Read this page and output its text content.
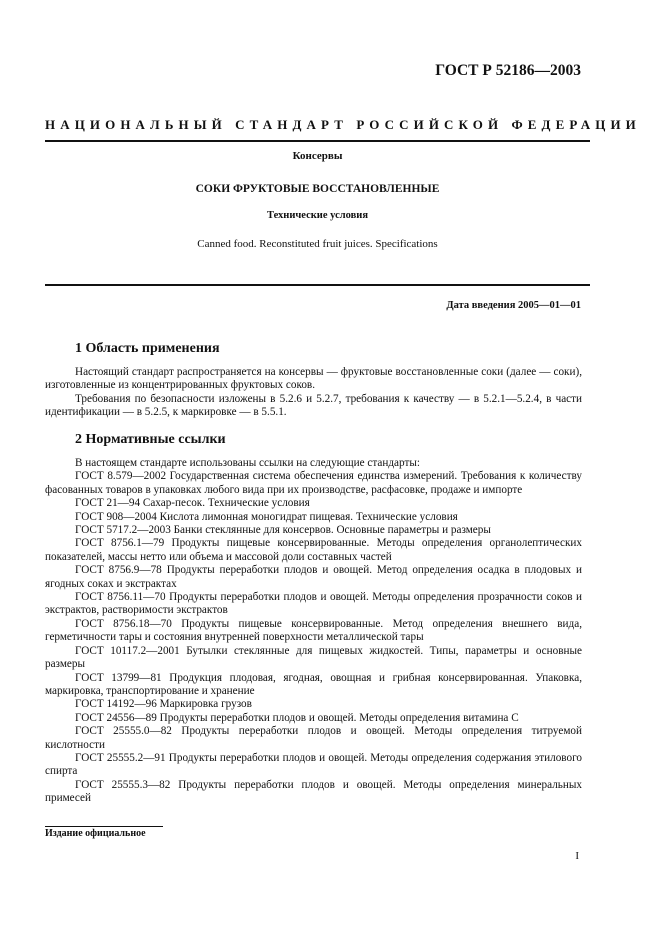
ГОСТ Р 52186—2003
НАЦИОНАЛЬНЫЙ СТАНДАРТ РОССИЙСКОЙ ФЕДЕРАЦИИ
Консервы
СОКИ ФРУКТОВЫЕ ВОССТАНОВЛЕННЫЕ
Технические условия
Canned food. Reconstituted fruit juices. Specifications
Дата введения 2005—01—01
1 Область применения

Настоящий стандарт распространяется на консервы — фруктовые восстановленные соки (далее — соки), изготовленные из концентрированных фруктовых соков.

Требования по безопасности изложены в 5.2.6 и 5.2.7, требования к качеству — в 5.2.1—5.2.4, в части идентификации — в 5.2.5, к маркировке — в 5.5.1.

2 Нормативные ссылки

В настоящем стандарте использованы ссылки на следующие стандарты:

ГОСТ 8.579—2002 Государственная система обеспечения единства измерений. Требования к количеству фасованных товаров в упаковках любого вида при их производстве, расфасовке, продаже и импорте

ГОСТ 21—94 Сахар-песок. Технические условия

ГОСТ 908—2004 Кислота лимонная моногидрат пищевая. Технические условия

ГОСТ 5717.2—2003 Банки стеклянные для консервов. Основные параметры и размеры

ГОСТ 8756.1—79 Продукты пищевые консервированные. Методы определения органолептических показателей, массы нетто или объема и массовой доли составных частей

ГОСТ 8756.9—78 Продукты переработки плодов и овощей. Метод определения осадка в плодовых и ягодных соках и экстрактах

ГОСТ 8756.11—70 Продукты переработки плодов и овощей. Методы определения прозрачности соков и экстрактов, растворимости экстрактов

ГОСТ 8756.18—70 Продукты пищевые консервированные. Метод определения внешнего вида, герметичности тары и состояния внутренней поверхности металлической тары

ГОСТ 10117.2—2001 Бутылки стеклянные для пищевых жидкостей. Типы, параметры и основные размеры

ГОСТ 13799—81 Продукция плодовая, ягодная, овощная и грибная консервированная. Упаковка, маркировка, транспортирование и хранение

ГОСТ 14192—96 Маркировка грузов

ГОСТ 24556—89 Продукты переработки плодов и овощей. Методы определения витамина С

ГОСТ 25555.0—82 Продукты переработки плодов и овощей. Методы определения титруемой кислотности

ГОСТ 25555.2—91 Продукты переработки плодов и овощей. Методы определения содержания этилового спирта

ГОСТ 25555.3—82 Продукты переработки плодов и овощей. Методы определения минеральных примесей

Издание официальное
I
